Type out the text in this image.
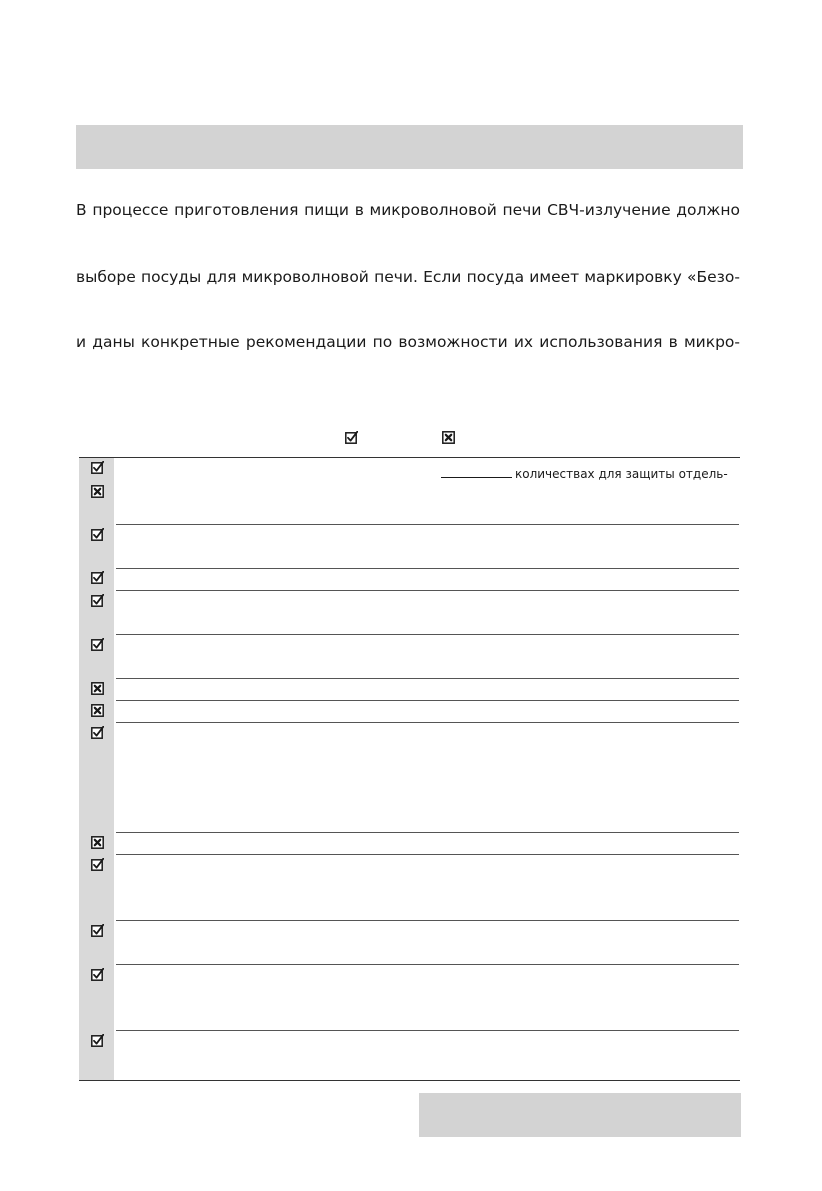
В процессе приготовления пищи в микроволновой печи СВЧ-излучение должно
выборе посуды для микроволновой печи. Если посуда имеет маркировку «Безо-
и даны конкретные рекомендации по возможности их использования в микро-
количествах для защиты отдель-
